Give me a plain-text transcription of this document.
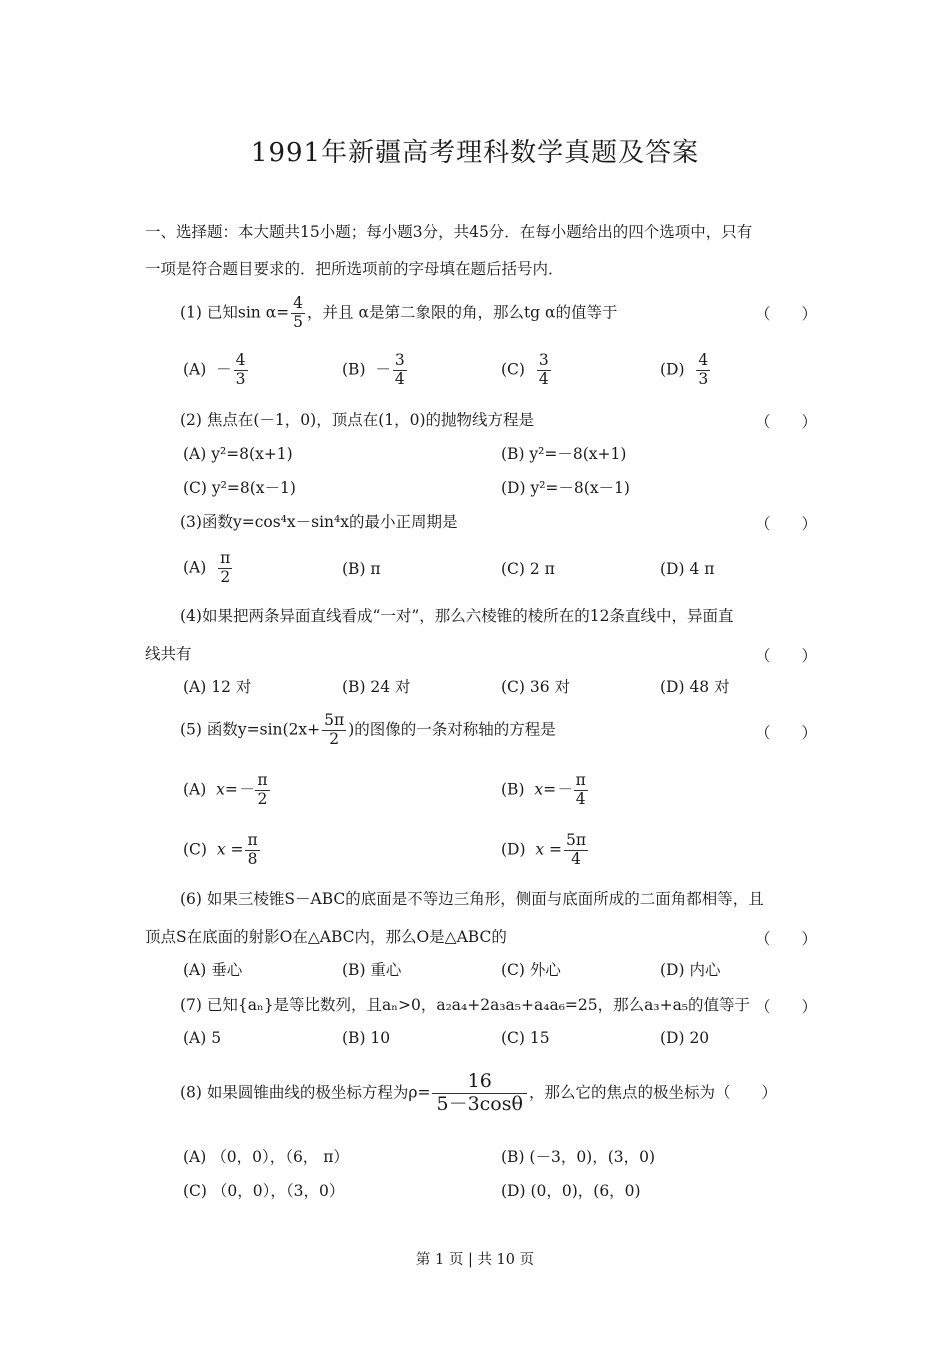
1991年新疆高考理科数学真题及答案
一、选择题：本大题共15小题；每小题3分，共45分．在每小题给出的四个选项中，只有
一项是符合题目要求的．把所选项前的字母填在题后括号内．
(1) 已知$\sin \alpha= \frac{4}{5}$ ，并且 α是第二象限的角，那么tg α的值等于	（　　）
$(A) - \frac{4}{3}$	$(B) - \frac{3}{4}$	$(C) \frac{3}{4}$	$(D) \frac{4}{3}$
(2) 焦点在(－1，0)，顶点在(1，0)的抛物线方程是	（　　）
(A) y²=8(x+1)	(B) y²=－8(x+1)
(C) y²=8(x－1)	(D) y²=－8(x－1)
(3)函数y=cos⁴x－sin⁴x的最小正周期是	（　　）
$(A) \frac{\pi}{2}$	(B) π	(C) 2 π	(D) 4 π
(4)如果把两条异面直线看成“一对”，那么六棱锥的棱所在的12条直线中，异面直
线共有	（　　）
(A) 12 对	(B) 24 对	(C) 36 对	(D) 48 对
(5) 函数$y=\sin(2x+ \frac{5\pi}{2}$ )的图像的一条对称轴的方程是	（　　）
(A) $x=- \frac{\pi}{2}$	(B) $x=- \frac{\pi}{4}$
(C) $x = \frac{\pi}{8}$	(D) $x = \frac{5\pi}{4}$
(6) 如果三棱锥S－ABC的底面是不等边三角形，侧面与底面所成的二面角都相等，且
顶点S在底面的射影O在△ABC内，那么O是△ABC的	（　　）
(A) 垂心	(B) 重心	(C) 外心	(D) 内心
(7) 已知{aₙ}是等比数列，且aₙ>0，a₂a₄+2a₃a₅+a₄a₆=25，那么a₃+a₅的值等于 （　　）
(A) 5	(B) 10	(C) 15	(D) 20
(8) 如果圆锥曲线的极坐标方程为$\rho= \frac{16}{5-3\cos\theta}$ ，那么它的焦点的极坐标为（　　）
(A) （0，0），（6， π）	(B) (－3，0)，(3，0)
(C) （0，0），（3，0）	(D) (0，0)，(6，0)
第 1 页 | 共 10 页
